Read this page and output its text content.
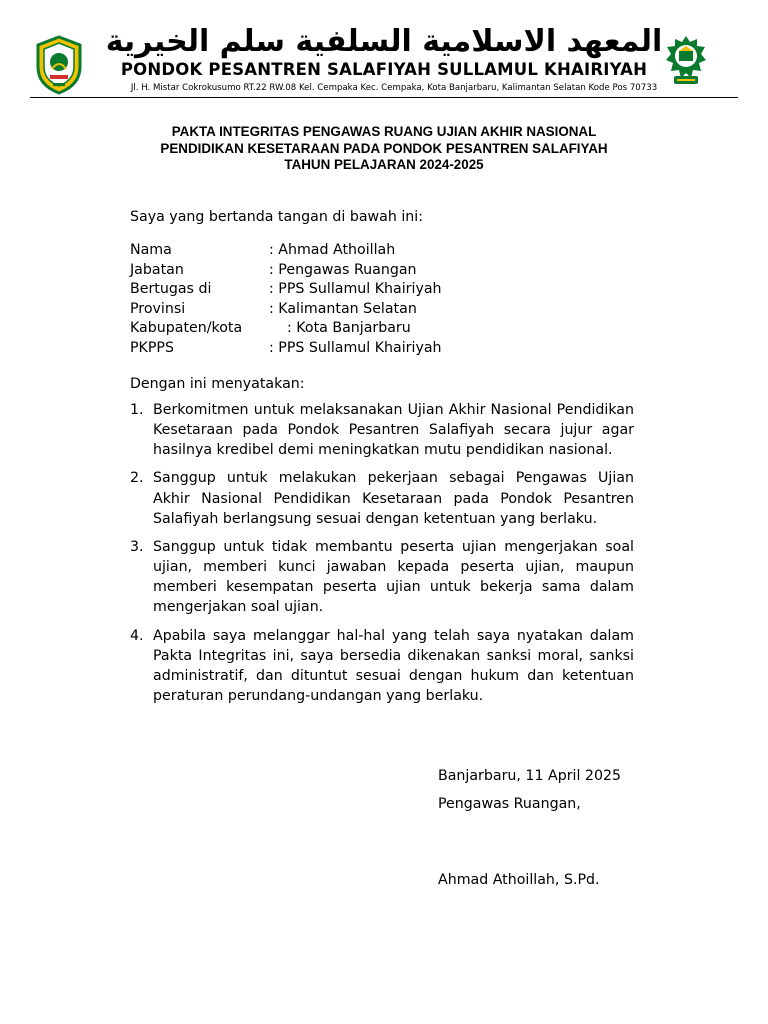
المعهد الاسلامية السلفية سلم الخيرية
PONDOK PESANTREN SALAFIYAH SULLAMUL KHAIRIYAH
Jl. H. Mistar Cokrokusumo RT.22 RW.08 Kel. Cempaka Kec. Cempaka, Kota Banjarbaru, Kalimantan Selatan Kode Pos 70733
PAKTA INTEGRITAS PENGAWAS RUANG UJIAN AKHIR NASIONAL
PENDIDIKAN KESETARAAN PADA PONDOK PESANTREN SALAFIYAH
TAHUN PELAJARAN 2024-2025
Saya yang bertanda tangan di bawah ini:
Nama	: Ahmad Athoillah
Jabatan	: Pengawas Ruangan
Bertugas di	: PPS Sullamul Khairiyah
Provinsi	: Kalimantan Selatan
Kabupaten/kota	: Kota Banjarbaru
PKPPS	: PPS Sullamul Khairiyah
Dengan ini menyatakan:
1. Berkomitmen untuk melaksanakan Ujian Akhir Nasional Pendidikan Kesetaraan pada Pondok Pesantren Salafiyah secara jujur agar hasilnya kredibel demi meningkatkan mutu pendidikan nasional.
2. Sanggup untuk melakukan pekerjaan sebagai Pengawas Ujian Akhir Nasional Pendidikan Kesetaraan pada Pondok Pesantren Salafiyah berlangsung sesuai dengan ketentuan yang berlaku.
3. Sanggup untuk tidak membantu peserta ujian mengerjakan soal ujian, memberi kunci jawaban kepada peserta ujian, maupun memberi kesempatan peserta ujian untuk bekerja sama dalam mengerjakan soal ujian.
4. Apabila saya melanggar hal-hal yang telah saya nyatakan dalam Pakta Integritas ini, saya bersedia dikenakan sanksi moral, sanksi administratif, dan dituntut sesuai dengan hukum dan ketentuan peraturan perundang-undangan yang berlaku.
Banjarbaru, 11 April 2025
Pengawas Ruangan,
Ahmad Athoillah, S.Pd.
